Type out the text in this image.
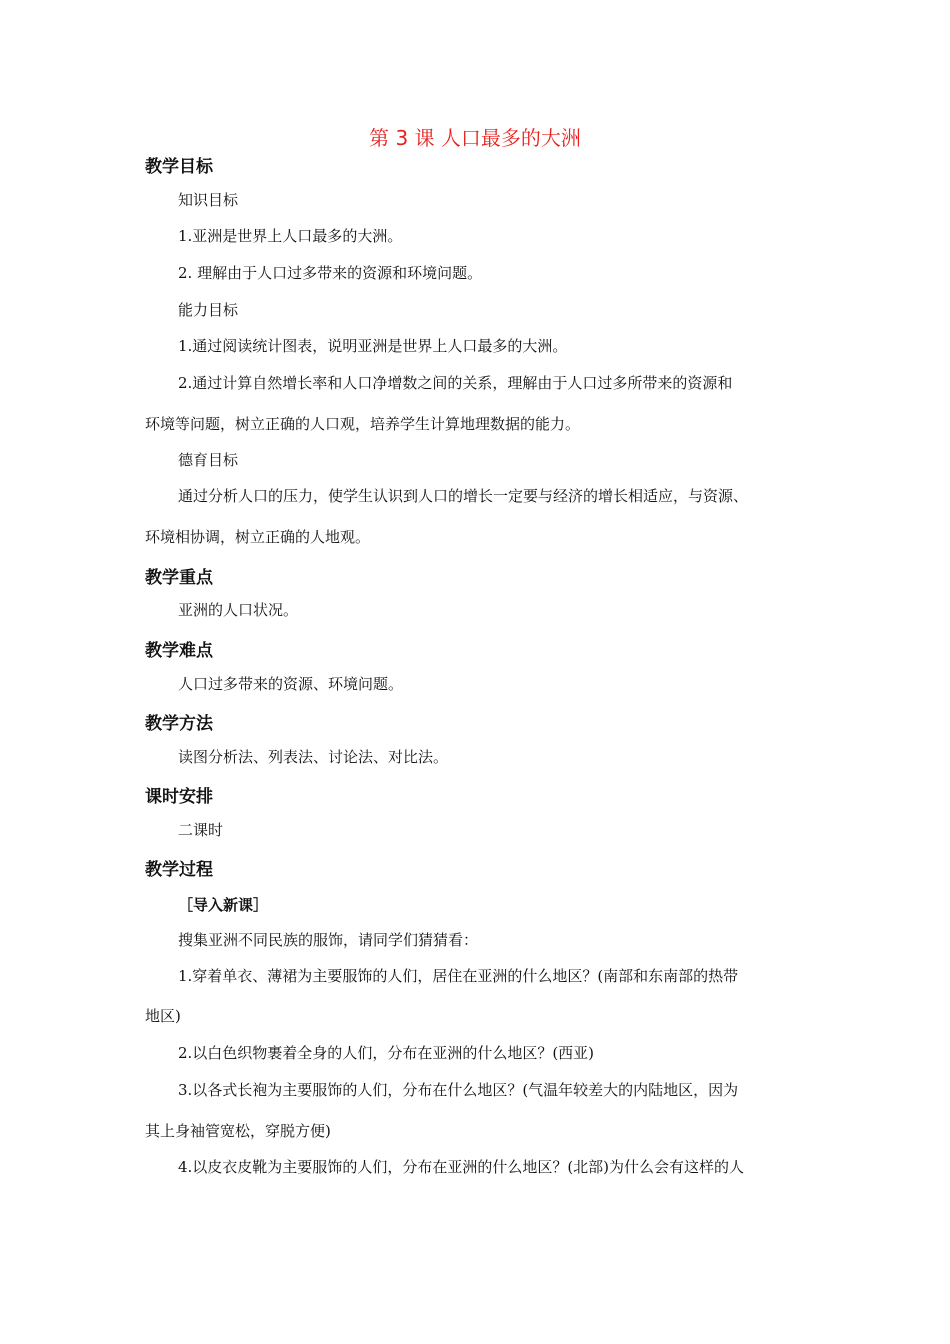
第 3 课 人口最多的大洲
教学目标
知识目标
1.亚洲是世界上人口最多的大洲。
2. 理解由于人口过多带来的资源和环境问题。
能力目标
1.通过阅读统计图表，说明亚洲是世界上人口最多的大洲。
2.通过计算自然增长率和人口净增数之间的关系，理解由于人口过多所带来的资源和
环境等问题，树立正确的人口观，培养学生计算地理数据的能力。
德育目标
通过分析人口的压力，使学生认识到人口的增长一定要与经济的增长相适应，与资源、
环境相协调，树立正确的人地观。
教学重点
亚洲的人口状况。
教学难点
人口过多带来的资源、环境问题。
教学方法
读图分析法、列表法、讨论法、对比法。
课时安排
二课时
教学过程
［导入新课］
搜集亚洲不同民族的服饰，请同学们猜猜看：
1.穿着单衣、薄裙为主要服饰的人们，居住在亚洲的什么地区？(南部和东南部的热带
地区)
2.以白色织物裹着全身的人们，分布在亚洲的什么地区？(西亚)
3.以各式长袍为主要服饰的人们，分布在什么地区？(气温年较差大的内陆地区，因为
其上身袖管宽松，穿脱方便)
4.以皮衣皮靴为主要服饰的人们，分布在亚洲的什么地区？(北部)为什么会有这样的人
